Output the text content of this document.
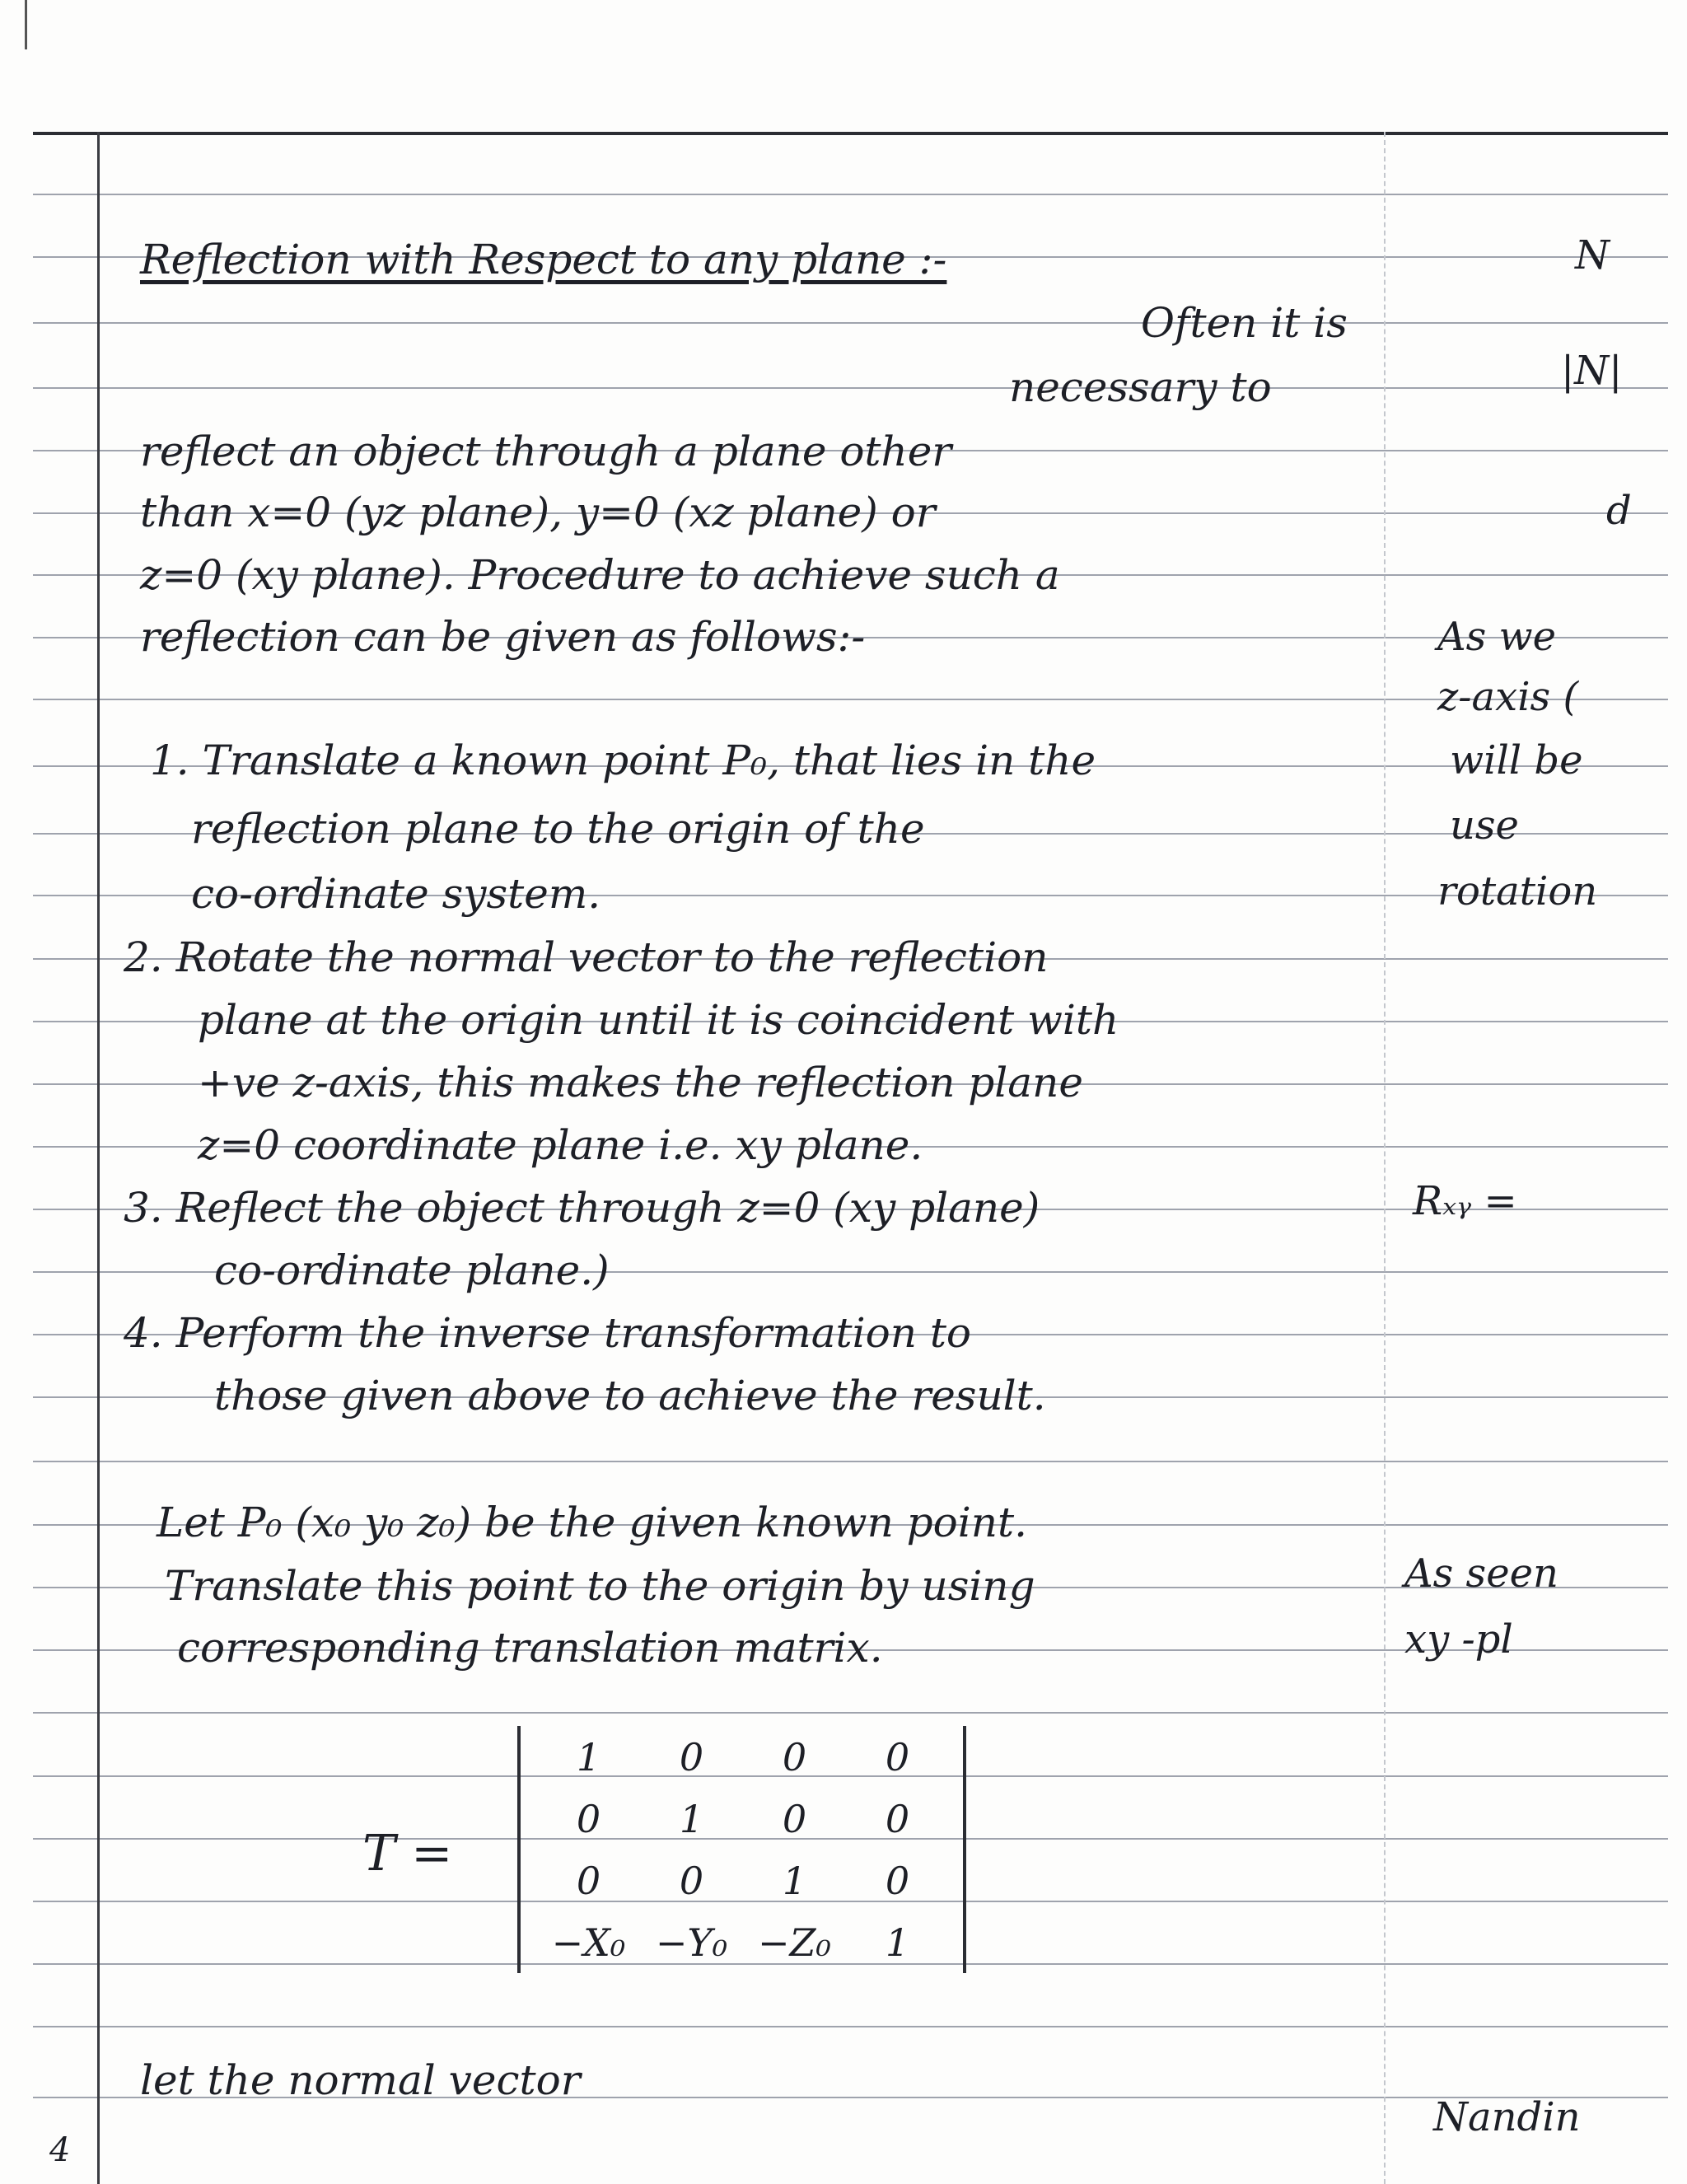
Reflection with Respect to any plane :-
Often it is
necessary to
reflect an object through a plane other
than x=0 (yz plane), y=0 (xz plane) or
z=0 (xy plane). Procedure to achieve such a
reflection can be given as follows:-
1. Translate a known point P₀, that lies in the
reflection plane to the origin of the
co-ordinate system.
2. Rotate the normal vector to the reflection
plane at the origin until it is coincident with
+ve z-axis, this makes the reflection plane
z=0 coordinate plane i.e. xy plane.
3. Reflect the object through z=0 (xy plane)
co-ordinate plane.)
4. Perform the inverse transformation to
those given above to achieve the result.
Let P₀ (x₀ y₀ z₀) be the given known point.
Translate this point to the origin by using
corresponding translation matrix.
T =
1	0	0	0
0	1	0	0
0	0	1	0
−X₀ −Y₀ −Z₀	1
let the normal vector
4
N
|N|
d
As we
z-axis (
will be
use
rotation
Rₓᵧ =
As seen
xy -pl
Nandin
